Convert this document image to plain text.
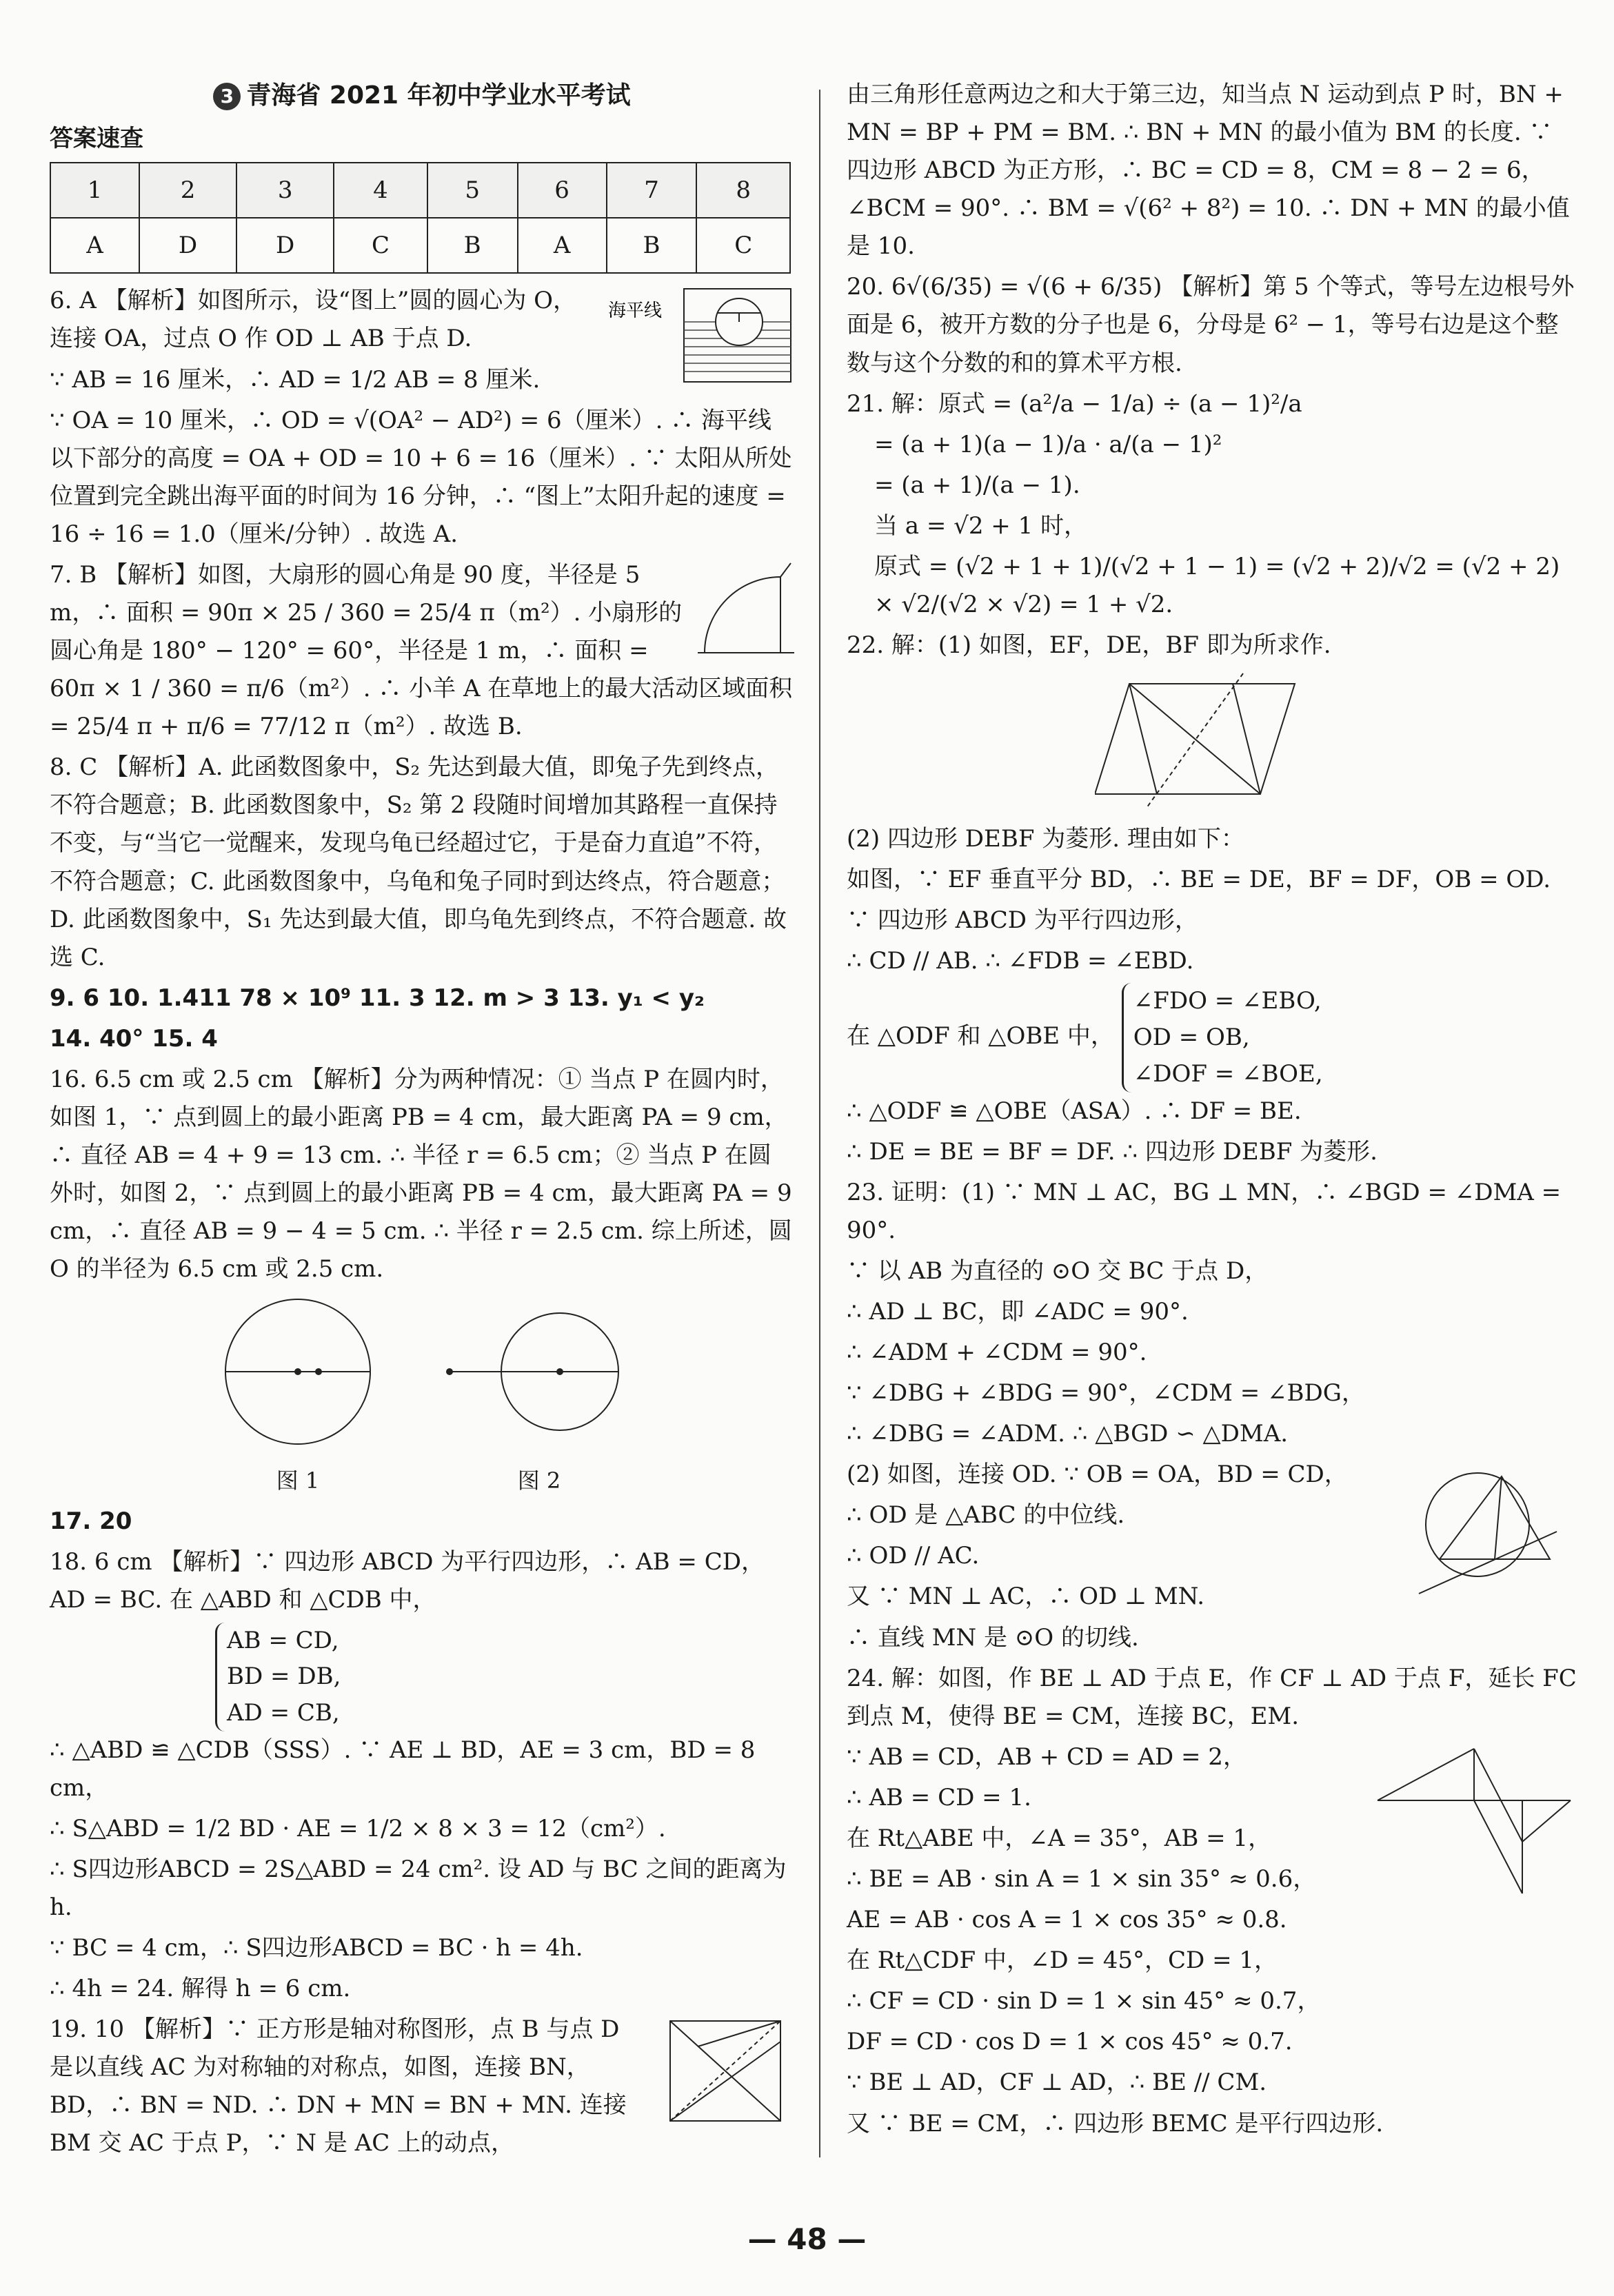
3 青海省 2021 年初中学业水平考试
答案速查
1	2	3	4	5	6	7	8
A	D	D	C	B	A	B	C
海平线

6. A 【解析】如图所示，设“图上”圆的圆心为 O，连接 OA，过点 O 作 OD ⊥ AB 于点 D.

∵ AB = 16 厘米，∴ AD = 1/2 AB = 8 厘米.

∵ OA = 10 厘米，∴ OD = √(OA² − AD²) = 6（厘米）. ∴ 海平线以下部分的高度 = OA + OD = 10 + 6 = 16（厘米）. ∵ 太阳从所处位置到完全跳出海平面的时间为 16 分钟，∴ “图上”太阳升起的速度 = 16 ÷ 16 = 1.0（厘米/分钟）. 故选 A.

7. B 【解析】如图，大扇形的圆心角是 90 度，半径是 5 m，∴ 面积 = 90π × 25 / 360 = 25/4 π（m²）. 小扇形的圆心角是 180° − 120° = 60°，半径是 1 m，∴ 面积 = 60π × 1 / 360 = π/6（m²）. ∴ 小羊 A 在草地上的最大活动区域面积 = 25/4 π + π/6 = 77/12 π（m²）. 故选 B.

8. C 【解析】A. 此函数图象中，S₂ 先达到最大值，即兔子先到终点，不符合题意；B. 此函数图象中，S₂ 第 2 段随时间增加其路程一直保持不变，与“当它一觉醒来，发现乌龟已经超过它，于是奋力直追”不符，不符合题意；C. 此函数图象中，乌龟和兔子同时到达终点，符合题意；D. 此函数图象中，S₁ 先达到最大值，即乌龟先到终点，不符合题意. 故选 C.

9. 6 10. 1.411 78 × 10⁹ 11. 3 12. m > 3 13. y₁ < y₂

14. 40° 15. 4

16. 6.5 cm 或 2.5 cm 【解析】分为两种情况：① 当点 P 在圆内时，如图 1，∵ 点到圆上的最小距离 PB = 4 cm，最大距离 PA = 9 cm，∴ 直径 AB = 4 + 9 = 13 cm. ∴ 半径 r = 6.5 cm；② 当点 P 在圆外时，如图 2，∵ 点到圆上的最小距离 PB = 4 cm，最大距离 PA = 9 cm，∴ 直径 AB = 9 − 4 = 5 cm. ∴ 半径 r = 2.5 cm. 综上所述，圆 O 的半径为 6.5 cm 或 2.5 cm.

图 1	图 2

17. 20

18. 6 cm 【解析】∵ 四边形 ABCD 为平行四边形，∴ AB = CD，AD = BC. 在 △ABD 和 △CDB 中，

AB = CD,
BD = DB,
AD = CB,

∴ △ABD ≌ △CDB（SSS）. ∵ AE ⊥ BD，AE = 3 cm，BD = 8 cm，

∴ S△ABD = 1/2 BD · AE = 1/2 × 8 × 3 = 12（cm²）.

∴ S四边形ABCD = 2S△ABD = 24 cm². 设 AD 与 BC 之间的距离为 h.

∵ BC = 4 cm，∴ S四边形ABCD = BC · h = 4h.

∴ 4h = 24. 解得 h = 6 cm.

19. 10 【解析】∵ 正方形是轴对称图形，点 B 与点 D 是以直线 AC 为对称轴的对称点，如图，连接 BN，BD，∴ BN = ND. ∴ DN + MN = BN + MN. 连接 BM 交 AC 于点 P，∵ N 是 AC 上的动点，

由三角形任意两边之和大于第三边，知当点 N 运动到点 P 时，BN + MN = BP + PM = BM. ∴ BN + MN 的最小值为 BM 的长度. ∵ 四边形 ABCD 为正方形，∴ BC = CD = 8，CM = 8 − 2 = 6，∠BCM = 90°. ∴ BM = √(6² + 8²) = 10. ∴ DN + MN 的最小值是 10.

20. 6√(6/35) = √(6 + 6/35) 【解析】第 5 个等式，等号左边根号外面是 6，被开方数的分子也是 6，分母是 6² − 1，等号右边是这个整数与这个分数的和的算术平方根.

21. 解：原式 = (a²/a − 1/a) ÷ (a − 1)²/a

= (a + 1)(a − 1)/a · a/(a − 1)²

= (a + 1)/(a − 1).

当 a = √2 + 1 时，

原式 = (√2 + 1 + 1)/(√2 + 1 − 1) = (√2 + 2)/√2 = (√2 + 2) × √2/(√2 × √2) = 1 + √2.

22. 解：(1) 如图，EF，DE，BF 即为所求作.

(2) 四边形 DEBF 为菱形. 理由如下：

如图，∵ EF 垂直平分 BD，∴ BE = DE，BF = DF，OB = OD.

∵ 四边形 ABCD 为平行四边形，

∴ CD // AB. ∴ ∠FDB = ∠EBD.

在 △ODF 和 △OBE 中，
∠FDO = ∠EBO,
OD = OB,
∠DOF = ∠BOE,

∴ △ODF ≌ △OBE（ASA）. ∴ DF = BE.

∴ DE = BE = BF = DF. ∴ 四边形 DEBF 为菱形.

23. 证明：(1) ∵ MN ⊥ AC，BG ⊥ MN，∴ ∠BGD = ∠DMA = 90°.

∵ 以 AB 为直径的 ⊙O 交 BC 于点 D，

∴ AD ⊥ BC，即 ∠ADC = 90°.

∴ ∠ADM + ∠CDM = 90°.

∵ ∠DBG + ∠BDG = 90°，∠CDM = ∠BDG，

∴ ∠DBG = ∠ADM. ∴ △BGD ∽ △DMA.

(2) 如图，连接 OD. ∵ OB = OA，BD = CD，

∴ OD 是 △ABC 的中位线.

∴ OD // AC.

又 ∵ MN ⊥ AC，∴ OD ⊥ MN.

∴ 直线 MN 是 ⊙O 的切线.

24. 解：如图，作 BE ⊥ AD 于点 E，作 CF ⊥ AD 于点 F，延长 FC 到点 M，使得 BE = CM，连接 BC，EM.

∵ AB = CD，AB + CD = AD = 2，

∴ AB = CD = 1.

在 Rt△ABE 中，∠A = 35°，AB = 1，

∴ BE = AB · sin A = 1 × sin 35° ≈ 0.6，

AE = AB · cos A = 1 × cos 35° ≈ 0.8.

在 Rt△CDF 中，∠D = 45°，CD = 1，

∴ CF = CD · sin D = 1 × sin 45° ≈ 0.7，

DF = CD · cos D = 1 × cos 45° ≈ 0.7.

∵ BE ⊥ AD，CF ⊥ AD，∴ BE // CM.

又 ∵ BE = CM，∴ 四边形 BEMC 是平行四边形.

— 48 —
